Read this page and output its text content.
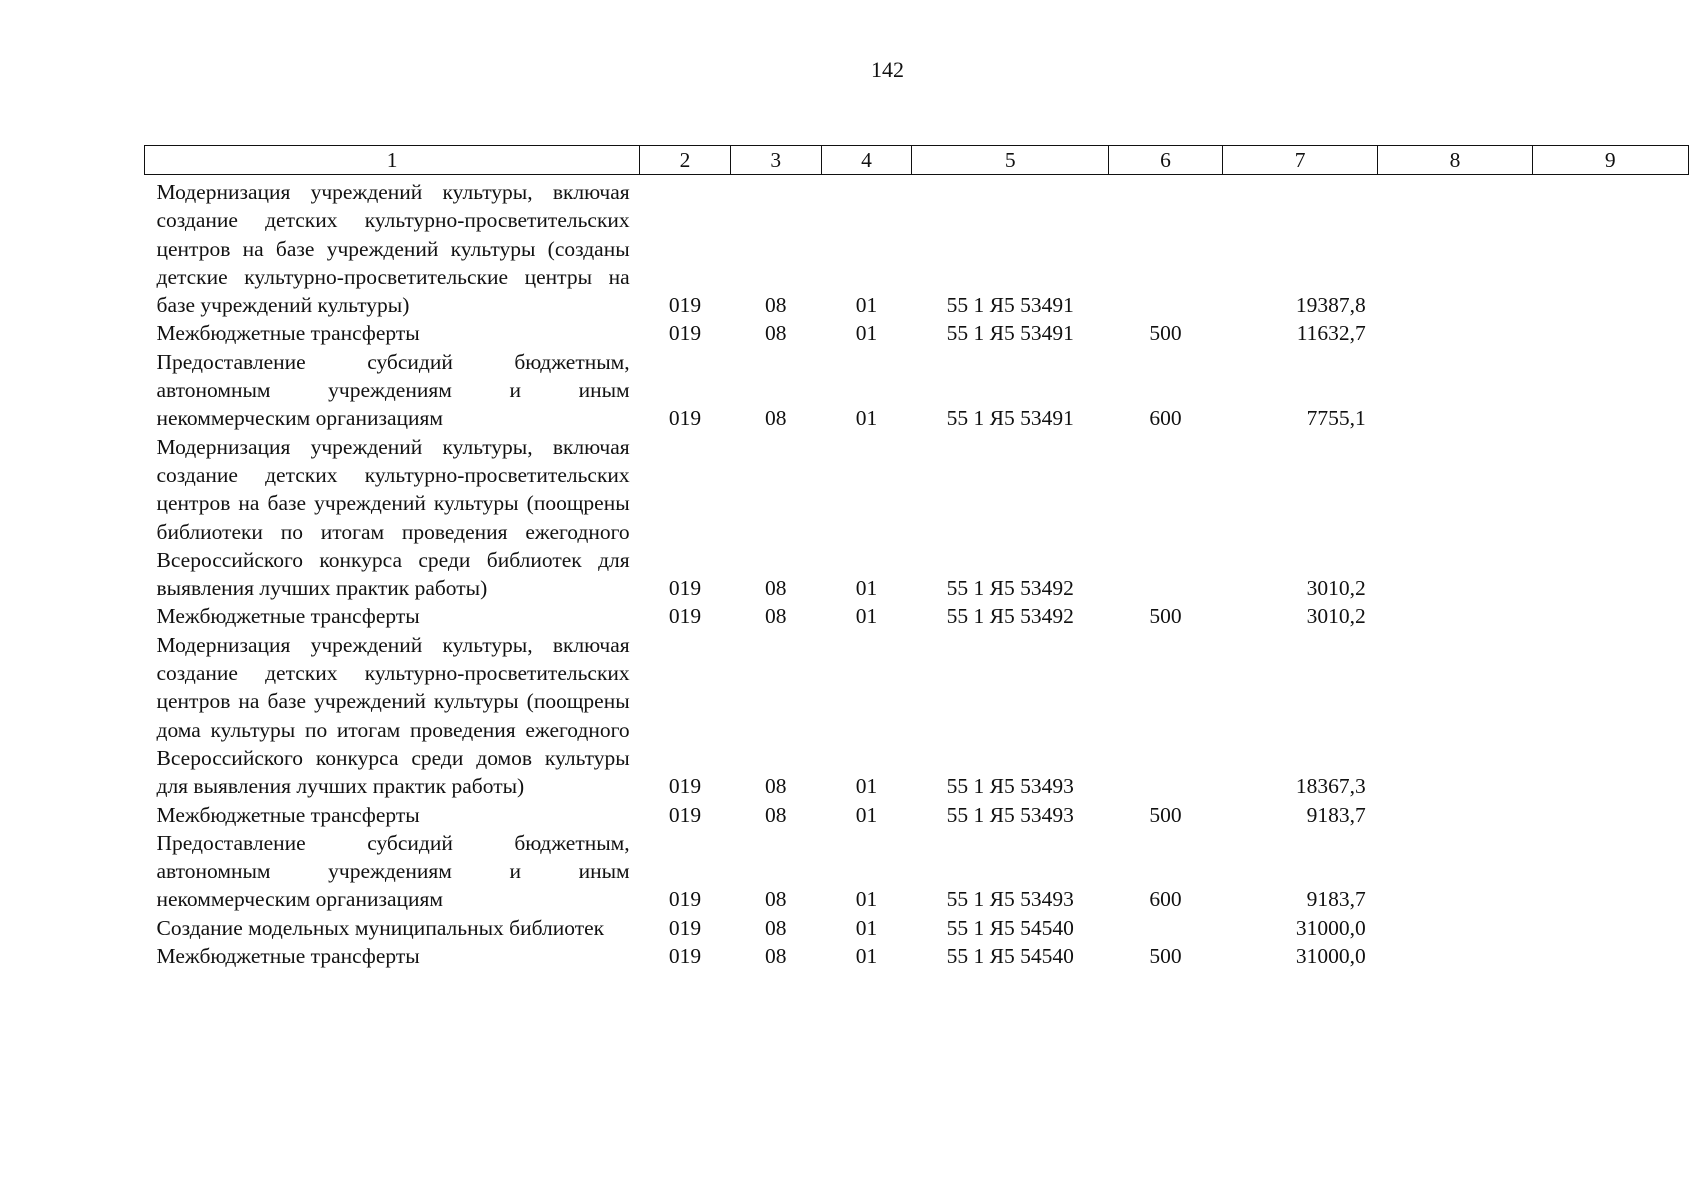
142
1	2	3	4	5	6	7	8	9
Модернизация учреждений культуры, включая создание детских культурно-просветительских центров на базе учреждений культуры (созданы детские культурно-просветительские центры на базе учреждений культуры)	019	08	01	55 1 Я5 53491		19387,8		
Межбюджетные трансферты	019	08	01	55 1 Я5 53491	500	11632,7		
Предоставление субсидий бюджетным, автономным учреждениям и иным некоммерческим организациям	019	08	01	55 1 Я5 53491	600	7755,1		
Модернизация учреждений культуры, включая создание детских культурно-просветительских центров на базе учреждений культуры (поощрены библиотеки по итогам проведения ежегодного Всероссийского конкурса среди библиотек для выявления лучших практик работы)	019	08	01	55 1 Я5 53492		3010,2		
Межбюджетные трансферты	019	08	01	55 1 Я5 53492	500	3010,2		
Модернизация учреждений культуры, включая создание детских культурно-просветительских центров на базе учреждений культуры (поощрены дома культуры по итогам проведения ежегодного Всероссийского конкурса среди домов культуры для выявления лучших практик работы)	019	08	01	55 1 Я5 53493		18367,3		
Межбюджетные трансферты	019	08	01	55 1 Я5 53493	500	9183,7		
Предоставление субсидий бюджетным, автономным учреждениям и иным некоммерческим организациям	019	08	01	55 1 Я5 53493	600	9183,7		
Создание модельных муниципальных библиотек	019	08	01	55 1 Я5 54540		31000,0		
Межбюджетные трансферты	019	08	01	55 1 Я5 54540	500	31000,0		
